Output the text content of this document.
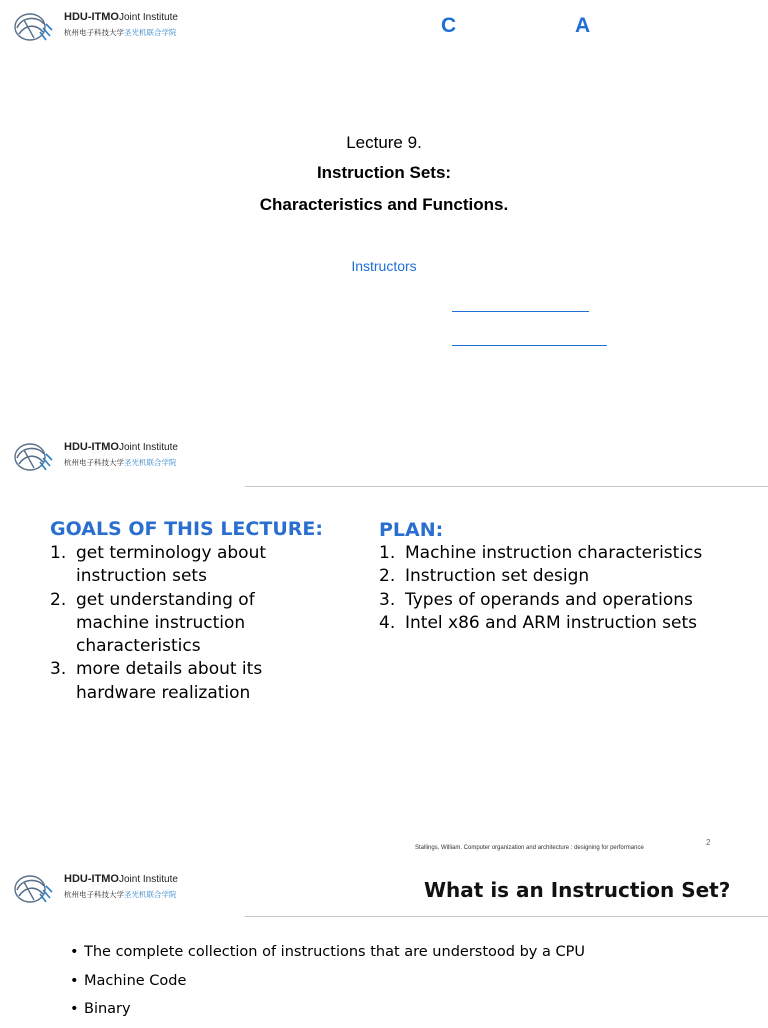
HDU-ITMOJoint Institute
杭州电子科技大学圣光机联合学院	C	A
Lecture 9.
Instruction Sets:
Characteristics and Functions.
Instructors
HDU-ITMOJoint Institute
杭州电子科技大学圣光机联合学院
GOALS OF THIS LECTURE:
1. get terminology about instruction sets
2. get understanding of machine instruction characteristics
3. more details about its hardware realization
PLAN:
1. Machine instruction characteristics
2. Instruction set design
3. Types of operands and operations
4. Intel x86 and ARM instruction sets
Stallings, William. Computer organization and architecture : designing for performance
2
HDU-ITMOJoint Institute
杭州电子科技大学圣光机联合学院	What is an Instruction Set?
• The complete collection of instructions that are understood by a CPU
• Machine Code
• Binary
